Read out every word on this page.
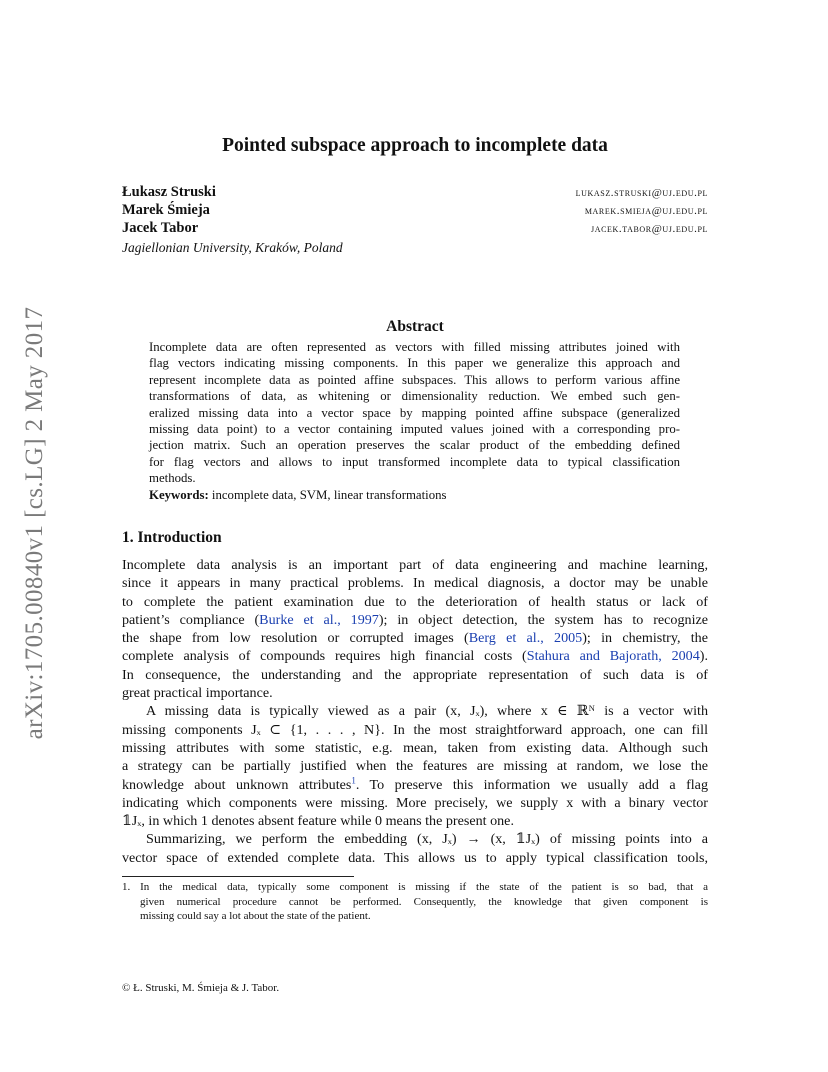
arXiv:1705.00840v1 [cs.LG] 2 May 2017
Pointed subspace approach to incomplete data
Łukasz Struski	lukasz.struski@uj.edu.pl
Marek Śmieja	marek.smieja@uj.edu.pl
Jacek Tabor	jacek.tabor@uj.edu.pl
Jagiellonian University, Kraków, Poland
Abstract
Incomplete data are often represented as vectors with filled missing attributes joined with
flag vectors indicating missing components. In this paper we generalize this approach and
represent incomplete data as pointed affine subspaces. This allows to perform various affine
transformations of data, as whitening or dimensionality reduction. We embed such gen-
eralized missing data into a vector space by mapping pointed affine subspace (generalized
missing data point) to a vector containing imputed values joined with a corresponding pro-
jection matrix. Such an operation preserves the scalar product of the embedding defined
for flag vectors and allows to input transformed incomplete data to typical classification
methods.
Keywords: incomplete data, SVM, linear transformations
1. Introduction
Incomplete data analysis is an important part of data engineering and machine learning,
since it appears in many practical problems. In medical diagnosis, a doctor may be unable
to complete the patient examination due to the deterioration of health status or lack of
patient’s compliance (Burke et al., 1997); in object detection, the system has to recognize
the shape from low resolution or corrupted images (Berg et al., 2005); in chemistry, the
complete analysis of compounds requires high financial costs (Stahura and Bajorath, 2004).
In consequence, the understanding and the appropriate representation of such data is of
great practical importance.
A missing data is typically viewed as a pair (x, Jₓ), where x ∈ ℝᴺ is a vector with
missing components Jₓ ⊂ {1, . . . , N}. In the most straightforward approach, one can fill
missing attributes with some statistic, e.g. mean, taken from existing data. Although such
a strategy can be partially justified when the features are missing at random, we lose the
knowledge about unknown attributes$^1$. To preserve this information we usually add a flag
indicating which components were missing. More precisely, we supply x with a binary vector
𝟙Jₓ, in which 1 denotes absent feature while 0 means the present one.
Summarizing, we perform the embedding (x, Jₓ) → (x, 𝟙Jₓ) of missing points into a
vector space of extended complete data. This allows us to apply typical classification tools,
1. In the medical data, typically some component is missing if the state of the patient is so bad, that a
given numerical procedure cannot be performed. Consequently, the knowledge that given component is
missing could say a lot about the state of the patient.
© Ł. Struski, M. Śmieja & J. Tabor.
